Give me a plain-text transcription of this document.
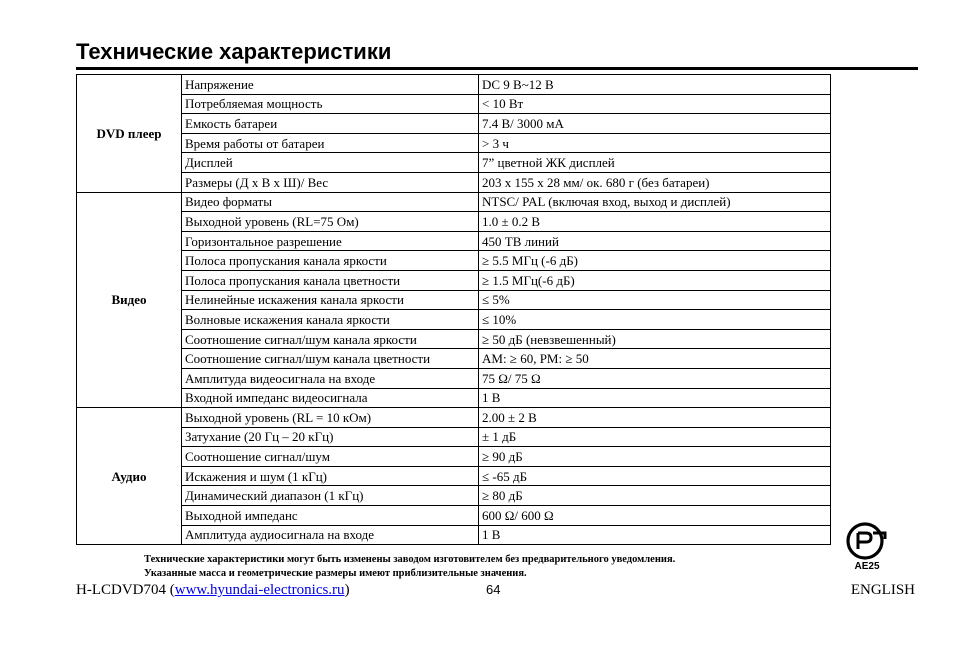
Технические характеристики
DVD плеер	Напряжение	DC 9 В~12 В
	Потребляемая мощность	< 10 Вт
	Емкость батареи	7.4 В/ 3000 мА
	Время работы от батареи	> 3 ч
	Дисплей	7” цветной ЖК дисплей
	Размеры (Д х В х Ш)/ Вес	203 х 155 х 28 мм/ ок. 680 г (без батареи)
Видео	Видео форматы	NTSC/ PAL (включая вход, выход и дисплей)
	Выходной уровень (RL=75 Ом)	1.0 ± 0.2 В
	Горизонтальное разрешение	450 ТВ линий
	Полоса пропускания канала яркости	≥ 5.5 МГц (-6 дБ)
	Полоса пропускания канала цветности	≥ 1.5 МГц(-6 дБ)
	Нелинейные искажения канала яркости	≤ 5%
	Волновые искажения канала яркости	≤ 10%
	Соотношение сигнал/шум канала яркости	≥ 50 дБ (невзвешенный)
	Соотношение сигнал/шум канала цветности	AM: ≥ 60, PM: ≥ 50
	Амплитуда видеосигнала на входе	75 Ω/ 75 Ω
	Входной импеданс видеосигнала	1 В
Аудио	Выходной уровень (RL = 10 кОм)	2.00 ± 2 В
	Затухание (20 Гц – 20 кГц)	± 1 дБ
	Соотношение сигнал/шум	≥ 90 дБ
	Искажения и шум (1 кГц)	≤ -65 дБ
	Динамический диапазон (1 кГц)	≥ 80 дБ
	Выходной импеданс	600 Ω/ 600 Ω
	Амплитуда аудиосигнала на входе	1 В
Технические характеристики могут быть изменены заводом изготовителем без предварительного уведомления.
Указанные масса и геометрические размеры имеют приблизительные значения.
H-LCDVD704 (www.hyundai-electronics.ru)	64	ENGLISH
AE25
